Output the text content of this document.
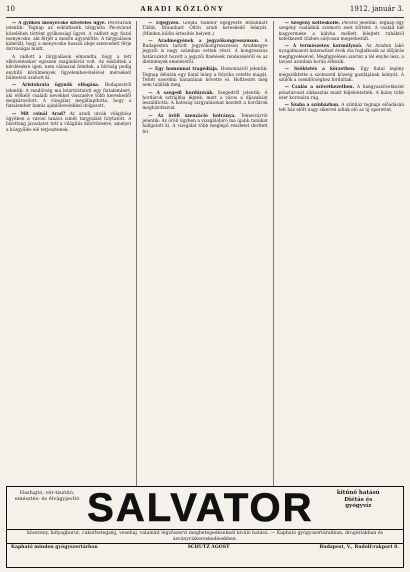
10	ARADI KÖZLÖNY	1912. január 3.

— A gyilkos menyecske kivételes ügye. Pécsváradi jelentik: Tegnap az esküdtszék tárgyalta Pécsvárad közelében történt gyilkossági ügyet. A vádlott egy fiatal menyecske, aki férjét a mezőn agyonlőtte. A tárgyaláson kiderült, hogy a menyecske hosszú ideje szenvedett férje durvaságai miatt.

A vádlott a tárgyaláson elmondta, hogy a tett elkövetésekor egészen magánkívül volt. Az esküdtek a kérdésekre igen, nem válasszal feleltek, a bíróság pedig enyhítő körülmények figyelembevételével mérsékelt büntetést szabott ki.

— Aristokrata ügynök elfogása. Budapestről jelentik: A rendőrség ma letartóztatott egy fiatalembert, aki előkelő családi nevekkel visszaélve több kereskedőt megkárosított. A vizsgálat megállapította, hogy a fiatalember hamis ajánlólevelekkel dolgozott.

— Mit csinál Arad? Az aradi utcák világítása ügyében a városi tanács ismét tárgyalást folytatott. A bizottság javaslatot tett a világítás kibővítésére, amelyet a közgyűlés elé terjesztenek.

— Eljegyzés. Gonda Nándor eljegyezte Braunhart Tildát, Braunhart Ödön aradi kereskedő leányát. (Minden külön értesítés helyett.)

— Aradmegyének a jegyzőkongresszuson. A Budapesten tartott jegyzőkongresszuson Aradmegye jegyzői is nagy számban vettek részt. A kongresszus határozatot hozott a jegyzői fizetések rendezéséről és az illetmények emeléséről.

— Egy homonnai tragédiája. Homonnáról jelentik: Tegnap délután egy fiatal leány a folyóba vetette magát. Tettét szerelmi bánatában követte el. Holttestét még nem találták meg.

— A szegedi hordárzsák. Szegedről jelentik: A hordárok sztrájkba léptek, mert a város a díjszabást leszállította. A hatóság tárgyalásokat kezdett a hordárok megbízottaival.

— Az öröli szenzáció botránya. Temesvárról jelentik: Az öröli ügyben a vizsgálóbíró ma újabb tanúkat hallgatott ki. A vizsgálat több meglepő részletet derített fel.

— Szegény ketteskolle. Pécsről jelentik: Tegnap egy szegény családnál szomorú eset történt. A család két kisgyermeke a kályha mellett felejtett ruháktól keletkezett tűzben súlyosan megsebesült.

— A természetes kormúlyozó. Az Aradon lakó nyugalmazott katonatiszt évek óta foglalkozik az időjárás megfigyelésével. Megfigyelései szerint a tél enyhe lesz, a tavasz azonban korán érkezik.

— Szöktetés a körzetben. Egy fiatal legény megszöktette a szomszéd község gazdájának leányát. A szülők a csendőrséghez fordultak.

— Csalás a szövetkezetben. A hangyaszövetkezet pénztárosát sikkasztás miatt feljelentették. A hiány több ezer koronára rúg.

— Szaba a színházban. A színház tegnapi előadásán telt ház előtt nagy sikerrel adták elő az új operettet.

Hashajtó, vér-tisztító, emésztés- és étvágyjavító SALVATOR	kitűnő hatású
Diétás és
gyógyvíz
köszvény, hólyaghurut, cukorbetegség, vesebaj, valamint légzőszervi megbetegedéseknél kiváló hatású. — Kapható gyógyszertárakban, drogériákban és ásványvízkereskedésekben.
Kapható minden gyógyszertárban	SCHUTZ ÁGOST	Budapest, V., Rudolf-rakpart 8.
